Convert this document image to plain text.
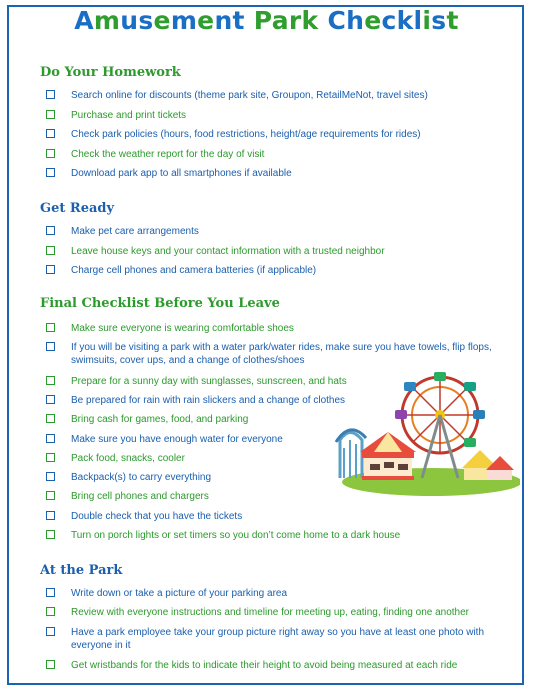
Amusement Park Checklist
Do Your Homework
Search online for discounts (theme park site, Groupon, RetailMeNot, travel sites)
Purchase and print tickets
Check park policies (hours, food restrictions, height/age requirements for rides)
Check the weather report for the day of visit
Download park app to all smartphones if available
Get Ready
Make pet care arrangements
Leave house keys and your contact information with a trusted neighbor
Charge cell phones and camera batteries (if applicable)
Final Checklist Before You Leave
Make sure everyone is wearing comfortable shoes
If you will be visiting a park with a water park/water rides, make sure you have towels, flip flops, swimsuits, cover ups, and a change of clothes/shoes
Prepare for a sunny day with sunglasses, sunscreen, and hats
Be prepared for rain with rain slickers and a change of clothes
Bring cash for games, food, and parking
Make sure you have enough water for everyone
Pack food, snacks, cooler
Backpack(s) to carry everything
Bring cell phones and chargers
Double check that you have the tickets
Turn on porch lights or set timers so you don’t come home to a dark house
At the Park
Write down or take a picture of your parking area
Review with everyone instructions and timeline for meeting up, eating, finding one another
Have a park employee take your group picture right away so you have at least one photo with everyone in it
Get wristbands for the kids to indicate their height to avoid being measured at each ride
